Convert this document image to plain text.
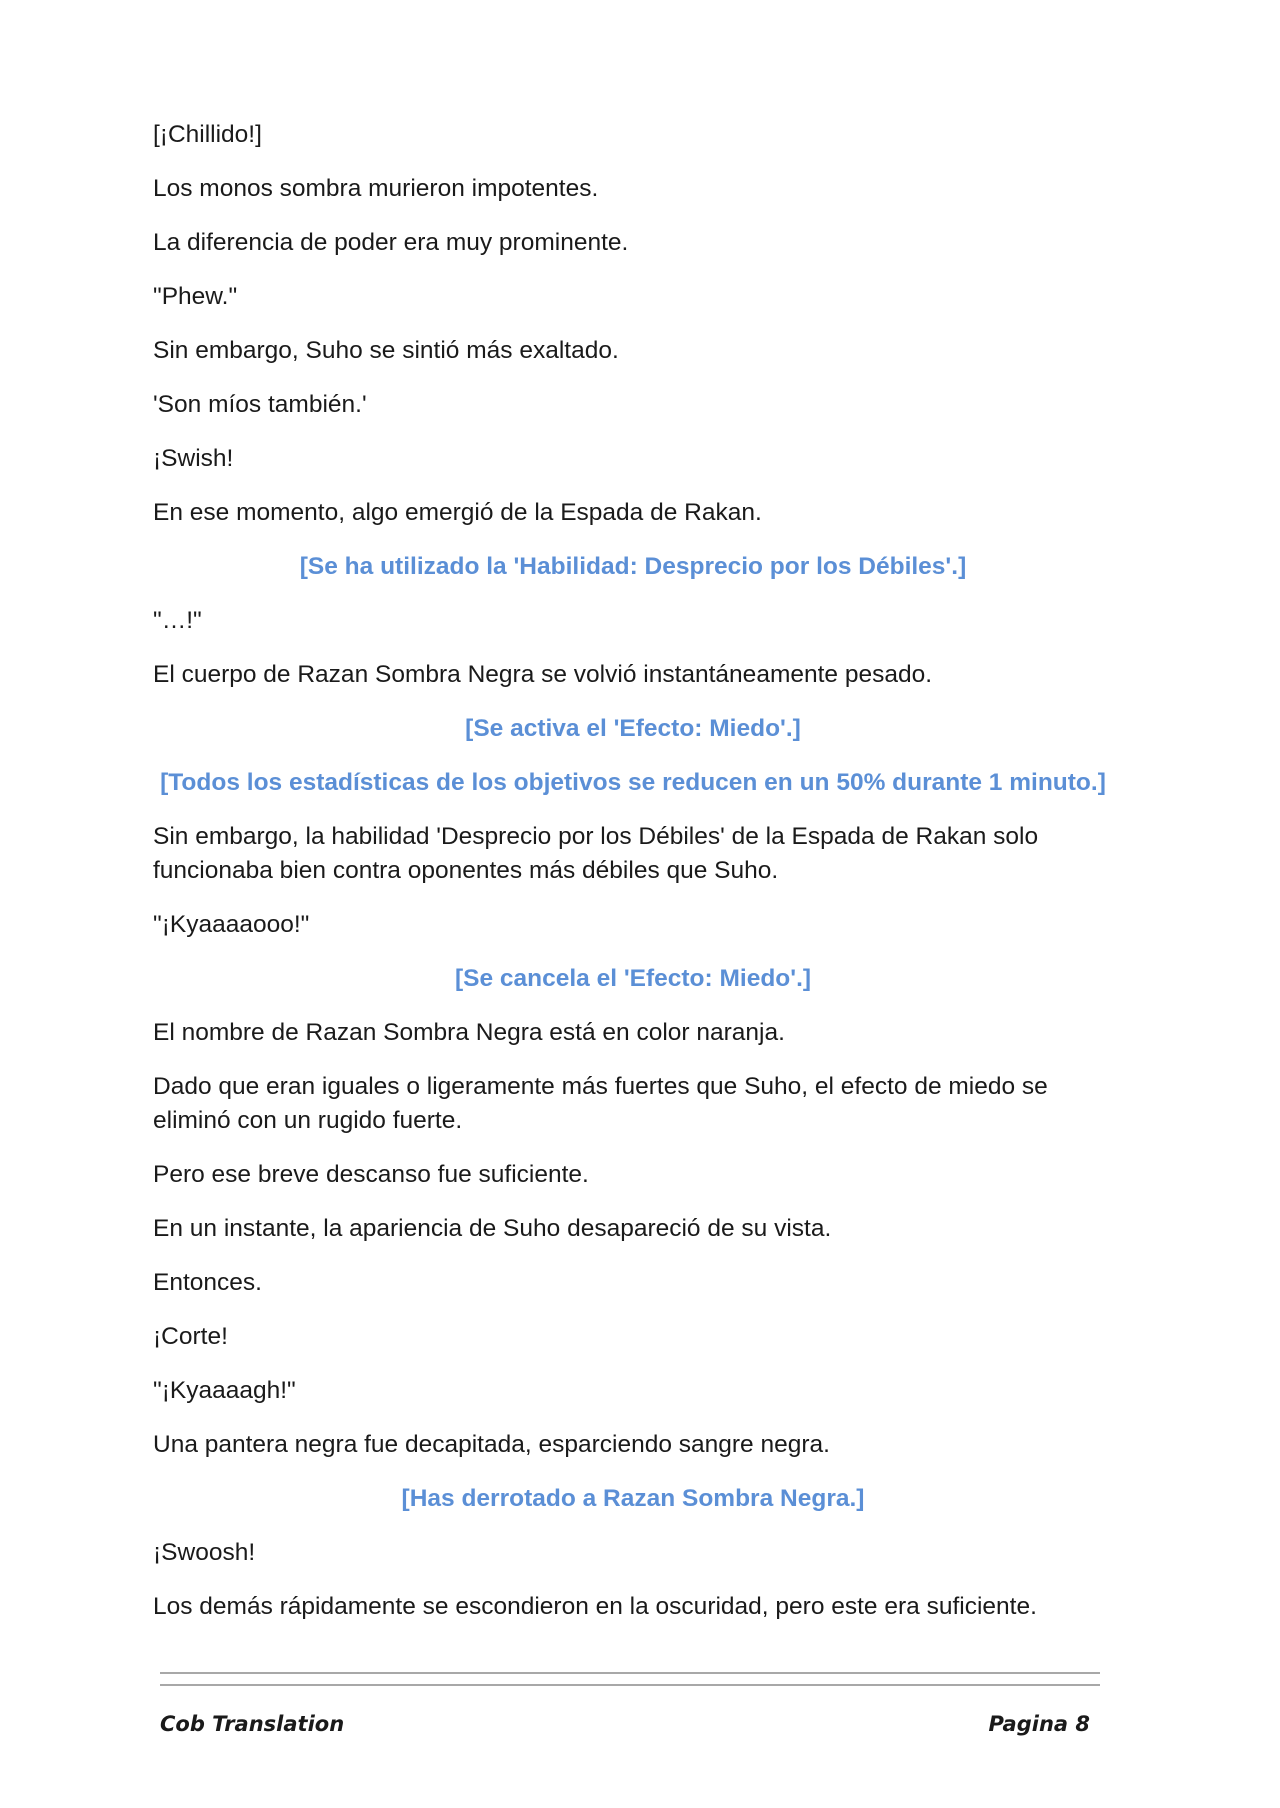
[¡Chillido!]

Los monos sombra murieron impotentes.

La diferencia de poder era muy prominente.

"Phew."

Sin embargo, Suho se sintió más exaltado.

'Son míos también.'

¡Swish!

En ese momento, algo emergió de la Espada de Rakan.

[Se ha utilizado la 'Habilidad: Desprecio por los Débiles'.]

"…!"

El cuerpo de Razan Sombra Negra se volvió instantáneamente pesado.

[Se activa el 'Efecto: Miedo'.]

[Todos los estadísticas de los objetivos se reducen en un 50% durante 1 minuto.]

Sin embargo, la habilidad 'Desprecio por los Débiles' de la Espada de Rakan solo funcionaba bien contra oponentes más débiles que Suho.

"¡Kyaaaaooo!"

[Se cancela el 'Efecto: Miedo'.]

El nombre de Razan Sombra Negra está en color naranja.

Dado que eran iguales o ligeramente más fuertes que Suho, el efecto de miedo se eliminó con un rugido fuerte.

Pero ese breve descanso fue suficiente.

En un instante, la apariencia de Suho desapareció de su vista.

Entonces.

¡Corte!

"¡Kyaaaagh!"

Una pantera negra fue decapitada, esparciendo sangre negra.

[Has derrotado a Razan Sombra Negra.]

¡Swoosh!

Los demás rápidamente se escondieron en la oscuridad, pero este era suficiente.

Cob Translation	Pagina 8
